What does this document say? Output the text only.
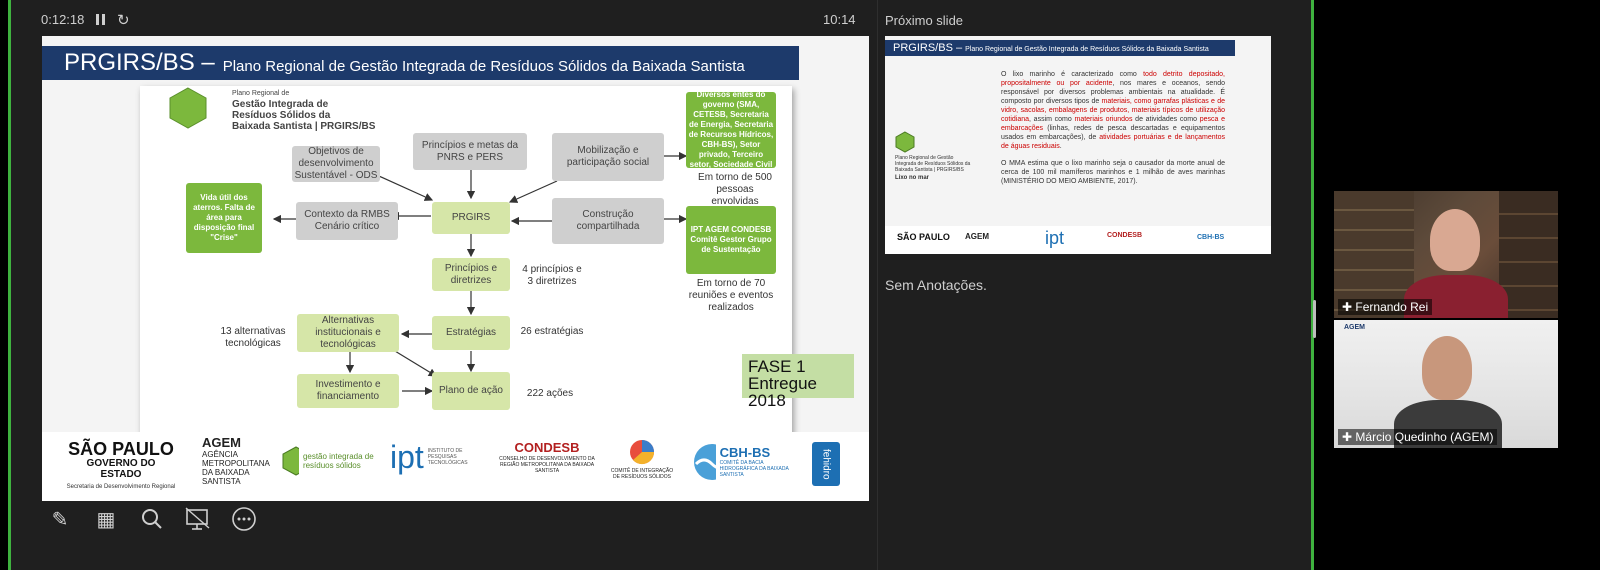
0:12:18 ↻	10:14
PRGIRS/BS – Plano Regional de Gestão Integrada de Resíduos Sólidos da Baixada Santista
Plano Regional de
Gestão Integrada de
Resíduos Sólidos da
Baixada Santista | PRGIRS/BS
Objetivos de desenvolvimento Sustentável - ODS
Princípios e metas da PNRS e PERS
Mobilização e participação social
Contexto da RMBS Cenário crítico
PRGIRS	Construção compartilhada
Princípios e diretrizes
Alternativas institucionais e tecnológicas
Estratégias
Investimento e financiamento
Plano de ação
Vida útil dos aterros. Falta de área para disposição final "Crise"
Diversos entes do governo (SMA, CETESB, Secretaria de Energia, Secretaria de Recursos Hídricos, CBH-BS), Setor privado, Terceiro setor, Sociedade Civil
IPT AGEM CONDESB Comitê Gestor Grupo de Sustentação
Em torno de 500 pessoas envolvidas
Em torno de 70 reuniões e eventos realizados
4 princípios e 3 diretrizes
26 estratégias
13 alternativas tecnológicas
222 ações
FASE 1
Entregue 2018
SÃO PAULO
GOVERNO DO ESTADO
Secretaria de Desenvolvimento Regional
AGEM
AGÊNCIA METROPOLITANA DA BAIXADA SANTISTA
gestão integrada de resíduos sólidos ipt INSTITUTO DE PESQUISAS TECNOLÓGICAS
CONDESB
CONSELHO DE DESENVOLVIMENTO DA REGIÃO METROPOLITANA DA BAIXADA SANTISTA	COMITÊ DE INTEGRAÇÃO DE RESÍDUOS SÓLIDOS
CBH-BS
COMITÊ DA BACIA HIDROGRÁFICA DA BAIXADA SANTISTA	fehidro
✎ ▦
Próximo slide
PRGIRS/BS – Plano Regional de Gestão Integrada de Resíduos Sólidos da Baixada Santista

O lixo marinho é caracterizado como todo detrito depositado, propositalmente ou por acidente, nos mares e oceanos, sendo responsável por diversos problemas ambientais na atualidade. É composto por diversos tipos de materiais, como garrafas plásticas e de vidro, sacolas, embalagens de produtos, materiais típicos de utilização cotidiana, assim como materiais oriundos de atividades como pesca e embarcações (linhas, redes de pesca descartadas e equipamentos usados em embarcações), de atividades portuárias e de lançamentos de águas residuais.

O MMA estima que o lixo marinho seja o causador da morte anual de cerca de 100 mil mamíferos marinhos e 1 milhão de aves marinhas (MINISTÉRIO DO MEIO AMBIENTE, 2017).

Plano Regional de Gestão Integrada de Resíduos Sólidos da Baixada Santista | PRGIRS/BS
Lixo no mar
SÃO PAULO AGEM	ipt	CONDESB	CBH-BS
Sem Anotações.
✚ Fernando Rei
AGEM
✚ Márcio Quedinho (AGEM)
